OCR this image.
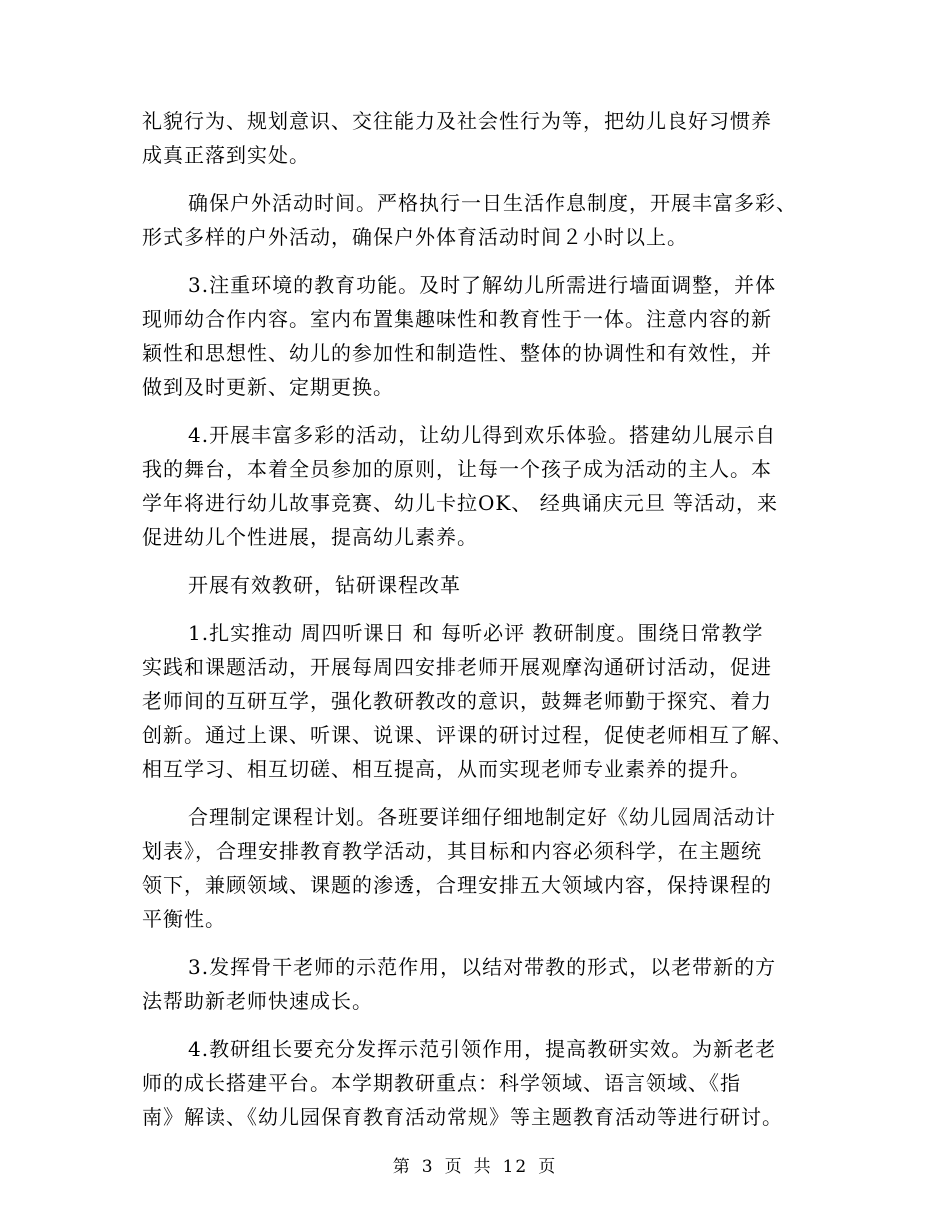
礼貌行为、规划意识、交往能力及社会性行为等，把幼儿良好习惯养
成真正落到实处。

确保户外活动时间。严格执行一日生活作息制度，开展丰富多彩、
形式多样的户外活动，确保户外体育活动时间２小时以上。

3.注重环境的教育功能。及时了解幼儿所需进行墙面调整，并体
现师幼合作内容。室内布置集趣味性和教育性于一体。注意内容的新
颖性和思想性、幼儿的参加性和制造性、整体的协调性和有效性，并
做到及时更新、定期更换。

4.开展丰富多彩的活动，让幼儿得到欢乐体验。搭建幼儿展示自
我的舞台，本着全员参加的原则，让每一个孩子成为活动的主人。本
学年将进行幼儿故事竞赛、幼儿卡拉OK、 经典诵庆元旦 等活动，来
促进幼儿个性进展，提高幼儿素养。

开展有效教研，钻研课程改革

1.扎实推动 周四听课日 和 每听必评 教研制度。围绕日常教学
实践和课题活动，开展每周四安排老师开展观摩沟通研讨活动，促进
老师间的互研互学，强化教研教改的意识，鼓舞老师勤于探究、着力
创新。通过上课、听课、说课、评课的研讨过程，促使老师相互了解、
相互学习、相互切磋、相互提高，从而实现老师专业素养的提升。

合理制定课程计划。各班要详细仔细地制定好《幼儿园周活动计
划表》，合理安排教育教学活动，其目标和内容必须科学，在主题统
领下，兼顾领域、课题的渗透，合理安排五大领域内容，保持课程的
平衡性。

3.发挥骨干老师的示范作用，以结对带教的形式，以老带新的方
法帮助新老师快速成长。

4.教研组长要充分发挥示范引领作用，提高教研实效。为新老老
师的成长搭建平台。本学期教研重点：科学领域、语言领域、《指
南》解读、《幼儿园保育教育活动常规》等主题教育活动等进行研讨。

第 3 页 共 12 页
